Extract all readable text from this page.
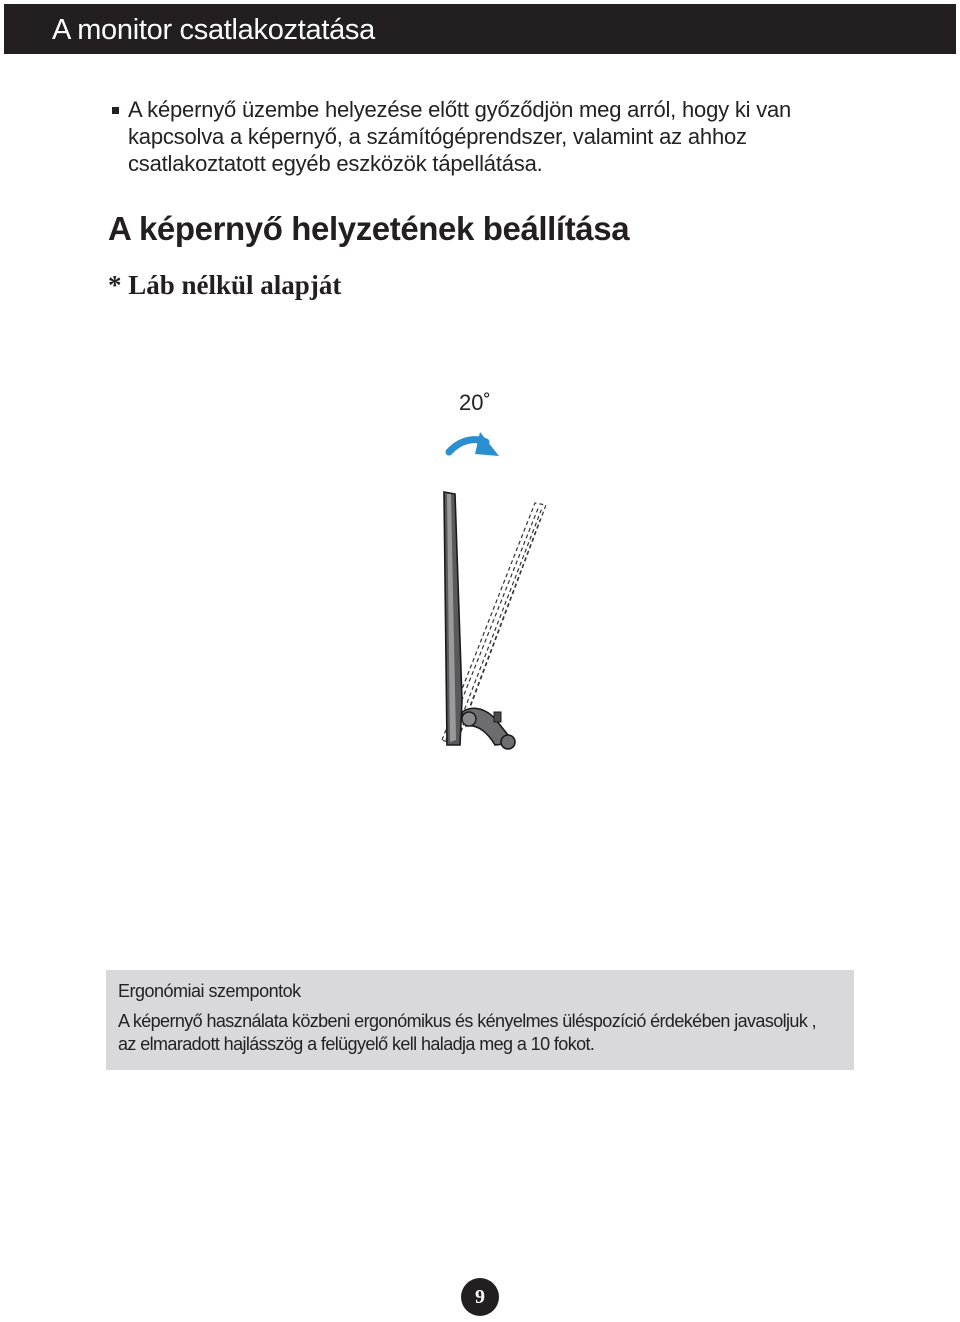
A monitor csatlakoztatása
A képernyő üzembe helyezése előtt győződjön meg arról, hogy ki van kapcsolva a képernyő, a számítógéprendszer, valamint az ahhoz csatlakoztatott egyéb eszközök tápellátása.
A képernyő helyzetének beállítása
* Láb nélkül alapját
20˚
Ergonómiai szempontok
A képernyő használata közbeni ergonómikus és kényelmes üléspozíció érdekében javasoljuk , az elmaradott hajlásszög a felügyelő kell haladja meg a 10 fokot.
9
